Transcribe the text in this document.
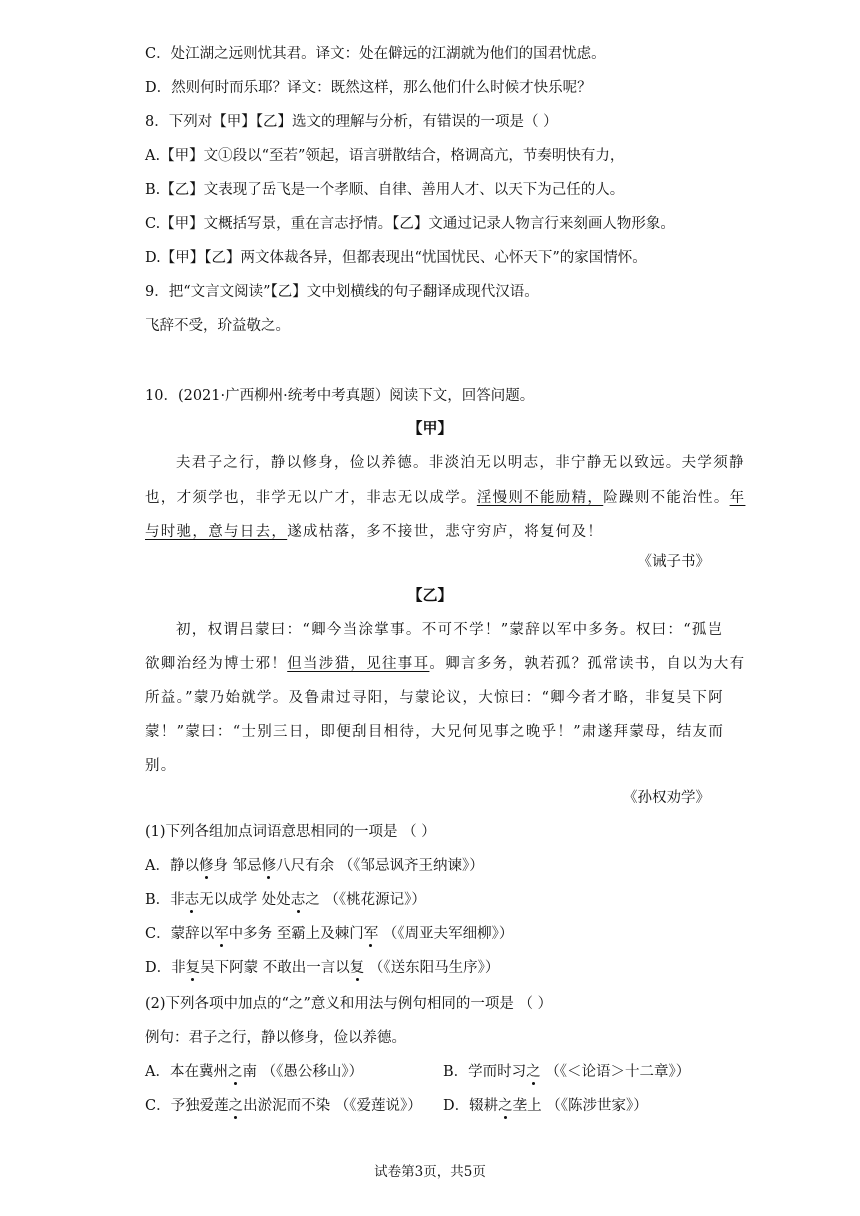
C．处江湖之远则忧其君。译文：处在僻远的江湖就为他们的国君忧虑。
D．然则何时而乐耶？译文：既然这样，那么他们什么时候才快乐呢？
8．下列对【甲】【乙】选文的理解与分析，有错误的一项是（ ）
A.【甲】文①段以“至若”领起，语言骈散结合，格调高亢，节奏明快有力，
B.【乙】文表现了岳飞是一个孝顺、自律、善用人才、以天下为己任的人。
C.【甲】文概括写景，重在言志抒情。【乙】文通过记录人物言行来刻画人物形象。
D.【甲】【乙】两文体裁各异，但都表现出“忧国忧民、心怀天下”的家国情怀。
9．把“文言文阅读”【乙】文中划横线的句子翻译成现代汉语。
飞辞不受，玠益敬之。
10．(2021·广西柳州·统考中考真题）阅读下文，回答问题。
【甲】
夫君子之行，静以修身，俭以养德。非淡泊无以明志，非宁静无以致远。夫学须静
也，才须学也，非学无以广才，非志无以成学。淫慢则不能励精，险躁则不能治性。年
与时驰，意与日去，遂成枯落，多不接世，悲守穷庐，将复何及！
《诫子书》
【乙】
初，权谓吕蒙曰：“卿今当涂掌事。不可不学！”蒙辞以军中多务。权曰：“孤岂
欲卿治经为博士邪！但当涉猎，见往事耳。卿言多务，孰若孤？孤常读书，自以为大有
所益。”蒙乃始就学。及鲁肃过寻阳，与蒙论议，大惊曰：“卿今者才略，非复吴下阿
蒙！”蒙曰：“士别三日，即便刮目相待，大兄何见事之晚乎！”肃遂拜蒙母，结友而
别。
《孙权劝学》
(1)下列各组加点词语意思相同的一项是 （ ）
A．静以修身 邹忌修八尺有余 （《邹忌讽齐王纳谏》）
B．非志无以成学 处处志之 （《桃花源记》）
C．蒙辞以军中多务 至霸上及棘门军 （《周亚夫军细柳》）
D．非复吴下阿蒙 不敢出一言以复 （《送东阳马生序》）
(2)下列各项中加点的“之”意义和用法与例句相同的一项是 （ ）
例句：君子之行，静以修身，俭以养德。
A．本在冀州之南 （《愚公移山》）	B．学而时习之 （《＜论语＞十二章》）
C．予独爱莲之出淤泥而不染 （《爱莲说》） D．辍耕之垄上 （《陈涉世家》）
试卷第3页，共5页
